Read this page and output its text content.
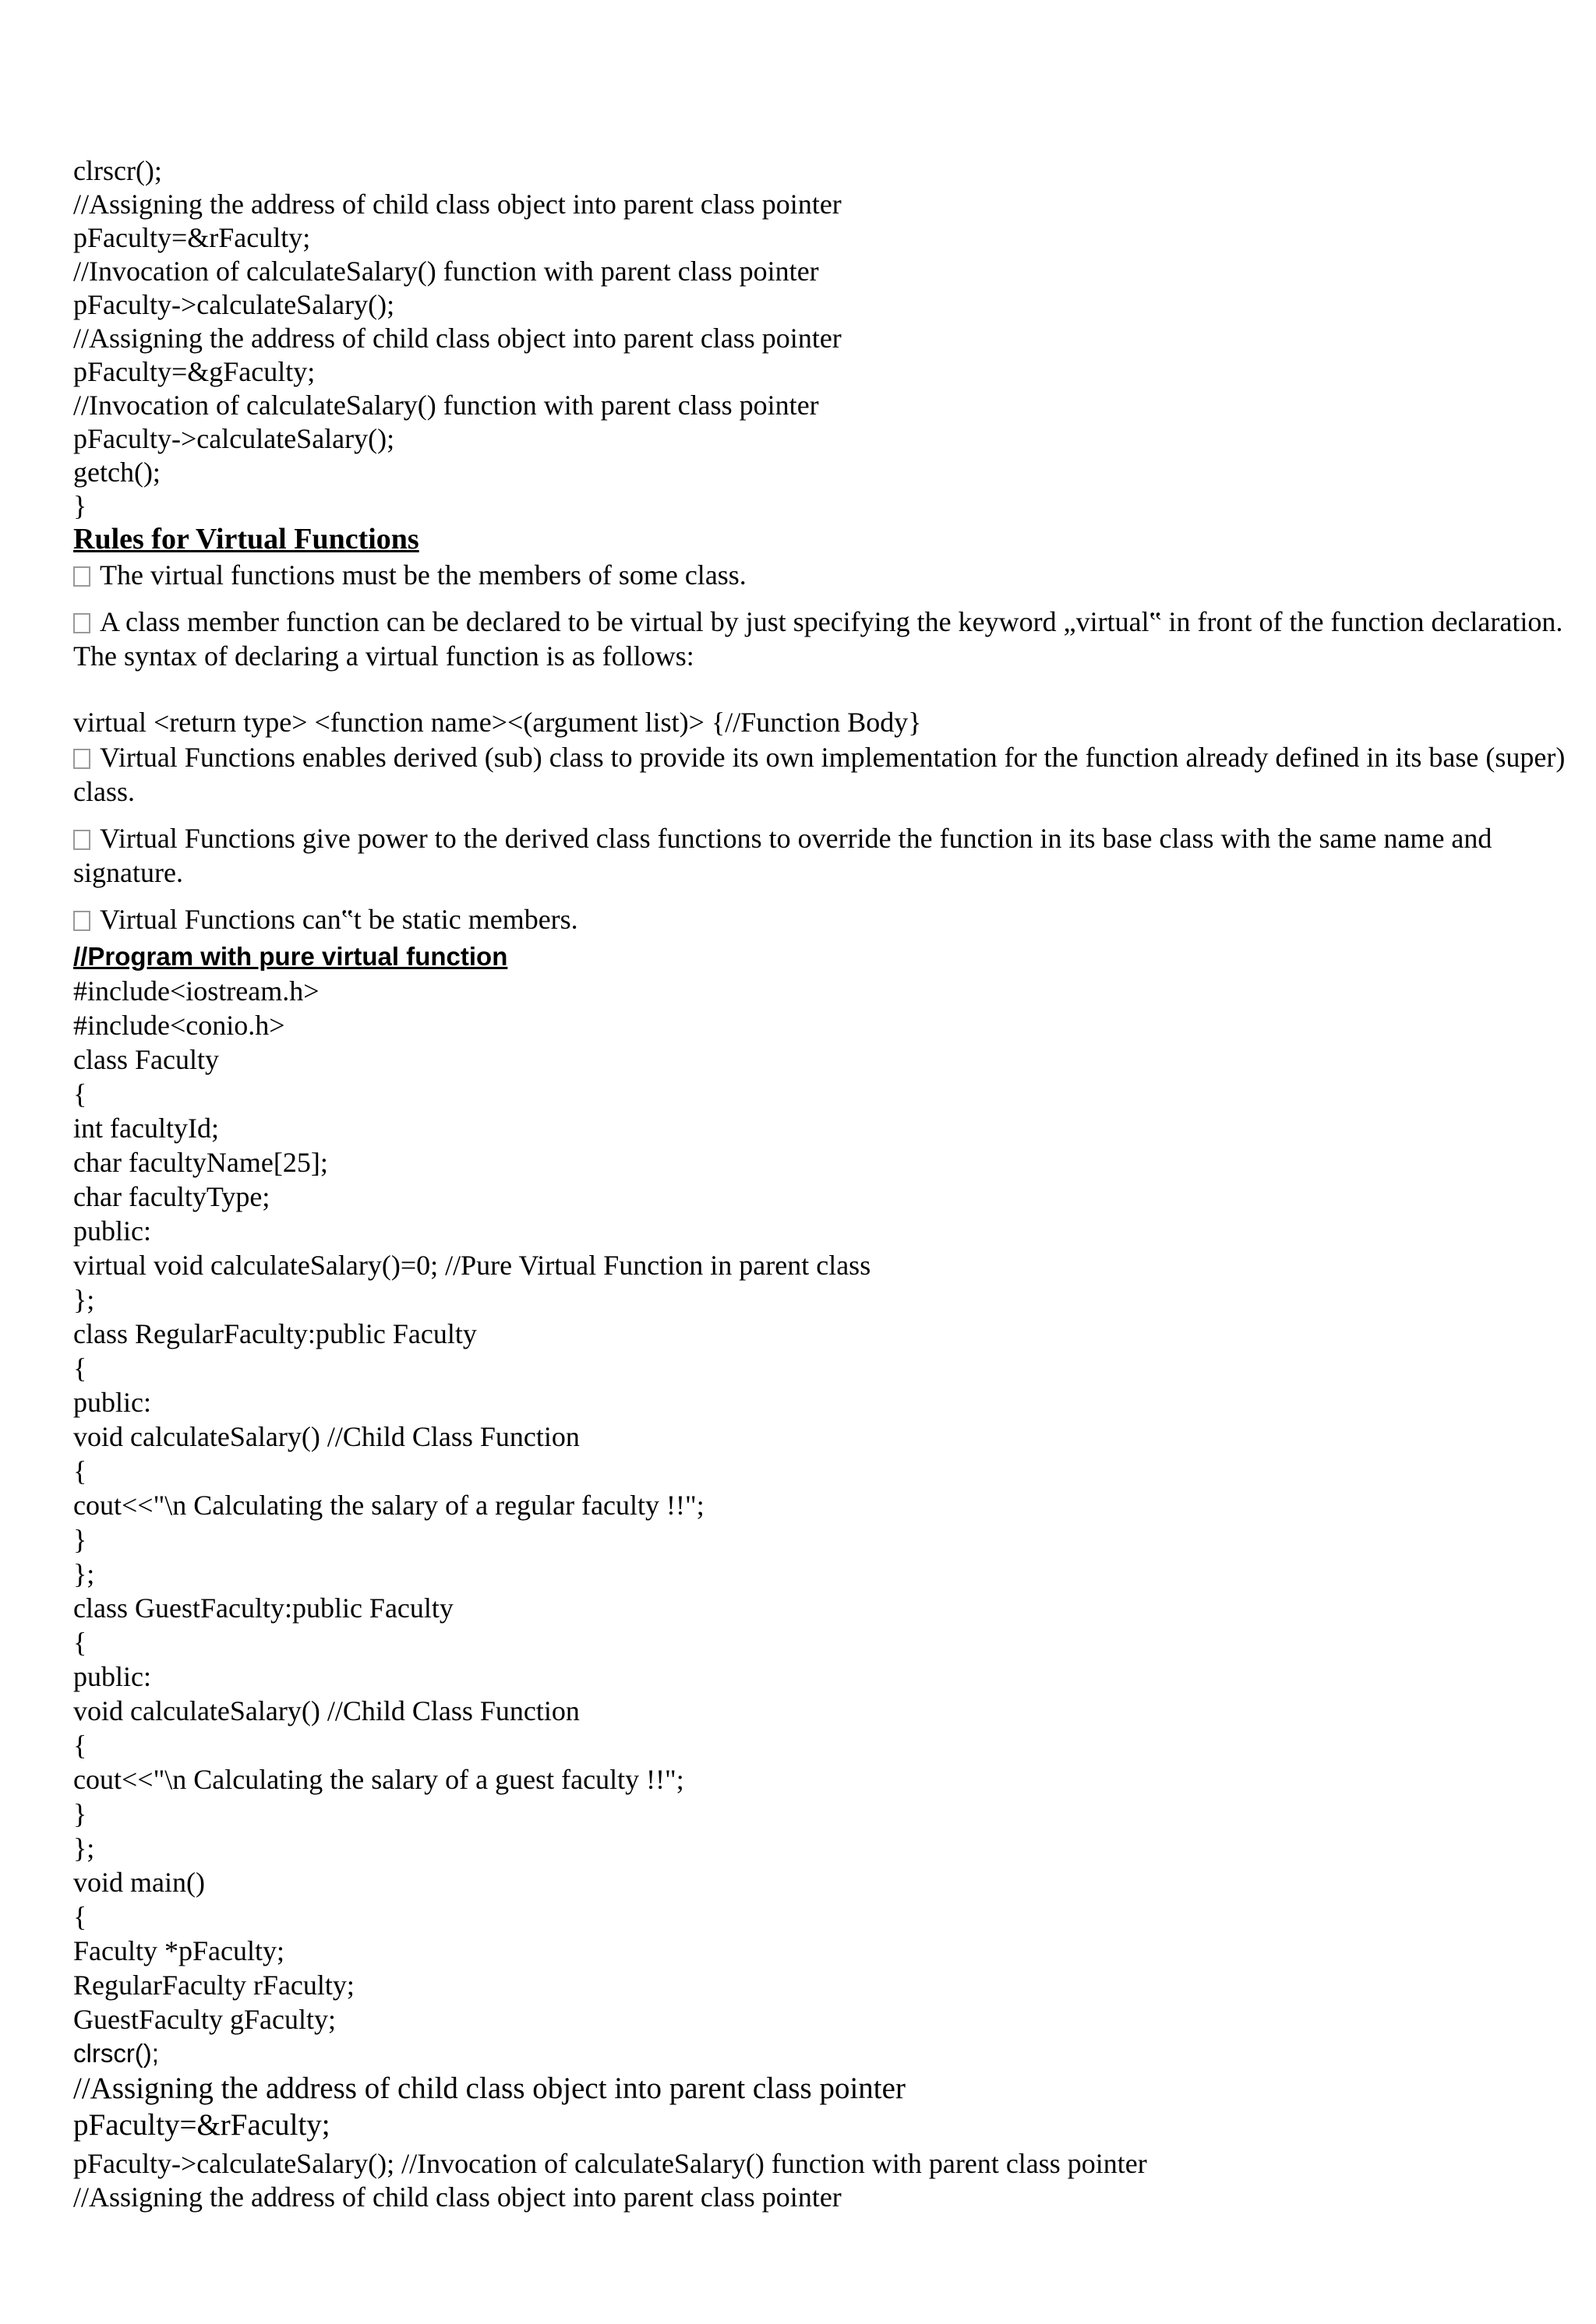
clrscr();
//Assigning the address of child class object into parent class pointer
pFaculty=&rFaculty;
//Invocation of calculateSalary() function with parent class pointer
pFaculty->calculateSalary();
//Assigning the address of child class object into parent class pointer
pFaculty=&gFaculty;
//Invocation of calculateSalary() function with parent class pointer
pFaculty->calculateSalary();
getch();
}
Rules for Virtual Functions
The virtual functions must be the members of some class.
A class member function can be declared to be virtual by just specifying the keyword „virtual‟ in front of the function declaration. The syntax of declaring a virtual function is as follows:
virtual <return type> <function name><(argument list)> {//Function Body}
Virtual Functions enables derived (sub) class to provide its own implementation for the function already defined in its base (super) class.
Virtual Functions give power to the derived class functions to override the function in its base class with the same name and signature.
Virtual Functions can‟t be static members.
//Program with pure virtual function
#include<iostream.h>
#include<conio.h>
class Faculty
{
int facultyId;
char facultyName[25];
char facultyType;
public:
virtual void calculateSalary()=0; //Pure Virtual Function in parent class
};
class RegularFaculty:public Faculty
{
public:
void calculateSalary() //Child Class Function
{
cout<<"\n Calculating the salary of a regular faculty !!";
}
};
class GuestFaculty:public Faculty
{
public:
void calculateSalary() //Child Class Function
{
cout<<"\n Calculating the salary of a guest faculty !!";
}
};
void main()
{
Faculty *pFaculty;
RegularFaculty rFaculty;
GuestFaculty gFaculty;
clrscr();
//Assigning the address of child class object into parent class pointer
pFaculty=&rFaculty;
pFaculty->calculateSalary(); //Invocation of calculateSalary() function with parent class pointer
//Assigning the address of child class object into parent class pointer
